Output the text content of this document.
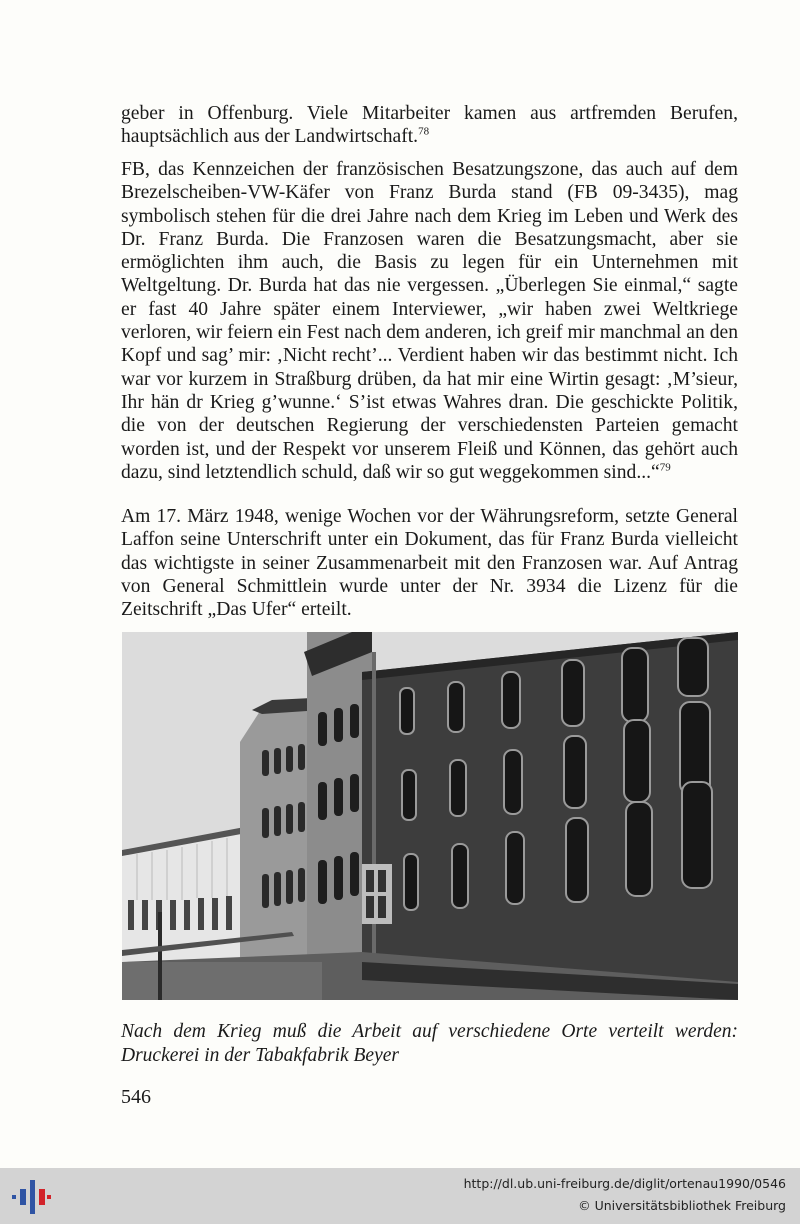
geber in Offenburg. Viele Mitarbeiter kamen aus artfremden Berufen, hauptsächlich aus der Landwirtschaft.$^{78}$

FB, das Kennzeichen der französischen Besatzungszone, das auch auf dem Brezelscheiben-VW-Käfer von Franz Burda stand (FB 09-3435), mag symbolisch stehen für die drei Jahre nach dem Krieg im Leben und Werk des Dr. Franz Burda. Die Franzosen waren die Besatzungsmacht, aber sie ermöglichten ihm auch, die Basis zu legen für ein Unternehmen mit Weltgeltung. Dr. Burda hat das nie vergessen. „Überlegen Sie einmal,“ sagte er fast 40 Jahre später einem Interviewer, „wir haben zwei Weltkriege verloren, wir feiern ein Fest nach dem anderen, ich greif mir manchmal an den Kopf und sag’ mir: ‚Nicht recht’... Verdient haben wir das bestimmt nicht. Ich war vor kurzem in Straßburg drüben, da hat mir eine Wirtin gesagt: ‚M’sieur, Ihr hän dr Krieg g’wunne.‘ S’ist etwas Wahres dran. Die geschickte Politik, die von der deutschen Regierung der verschiedensten Parteien gemacht worden ist, und der Respekt vor unserem Fleiß und Können, das gehört auch dazu, sind letztendlich schuld, daß wir so gut weggekommen sind...“$^{79}$

Am 17. März 1948, wenige Wochen vor der Währungsreform, setzte General Laffon seine Unterschrift unter ein Dokument, das für Franz Burda vielleicht das wichtigste in seiner Zusammenarbeit mit den Franzosen war. Auf Antrag von General Schmittlein wurde unter der Nr. 3934 die Lizenz für die Zeitschrift „Das Ufer“ erteilt.

Nach dem Krieg muß die Arbeit auf verschiedene Orte verteilt werden:
Druckerei in der Tabakfabrik Beyer
546
http://dl.ub.uni-freiburg.de/diglit/ortenau1990/0546
© Universitätsbibliothek Freiburg
